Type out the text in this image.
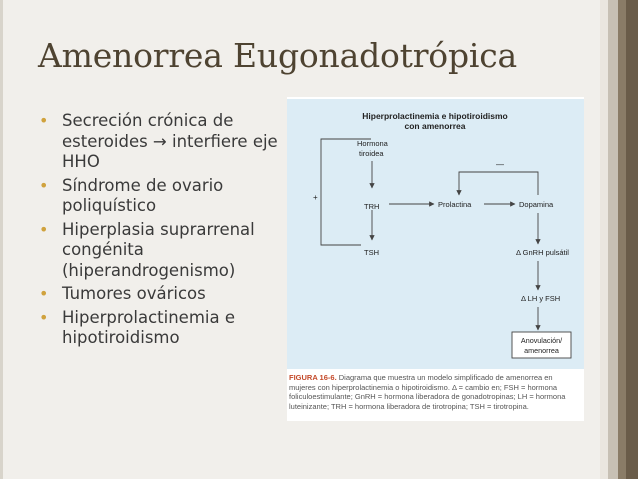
Amenorrea Eugonadotrópica
• Secreción crónica de esteroides → interfiere eje HHO
• Síndrome de ovario poliquístico
• Hiperplasia suprarrenal congénita (hiperandrogenismo)
• Tumores ováricos
• Hiperprolactinemia e hipotiroidismo
Hiperprolactinemia e hipotiroidismo
con amenorrea
Hormona
tiroidea
TRH
TSH
+
Prolactina	Dopamina
—
Δ GnRH pulsátil
Δ LH y FSH
Anovulación/
amenorrea
FIGURA 16-6. Diagrama que muestra un modelo simplificado de amenorrea en mujeres con hiperprolactinemia o hipotiroidismo. Δ = cambio en; FSH = hormona foliculoestimulante; GnRH = hormona liberadora de gonadotropinas; LH = hormona luteinizante; TRH = hormona liberadora de tirotropina; TSH = tirotropina.
